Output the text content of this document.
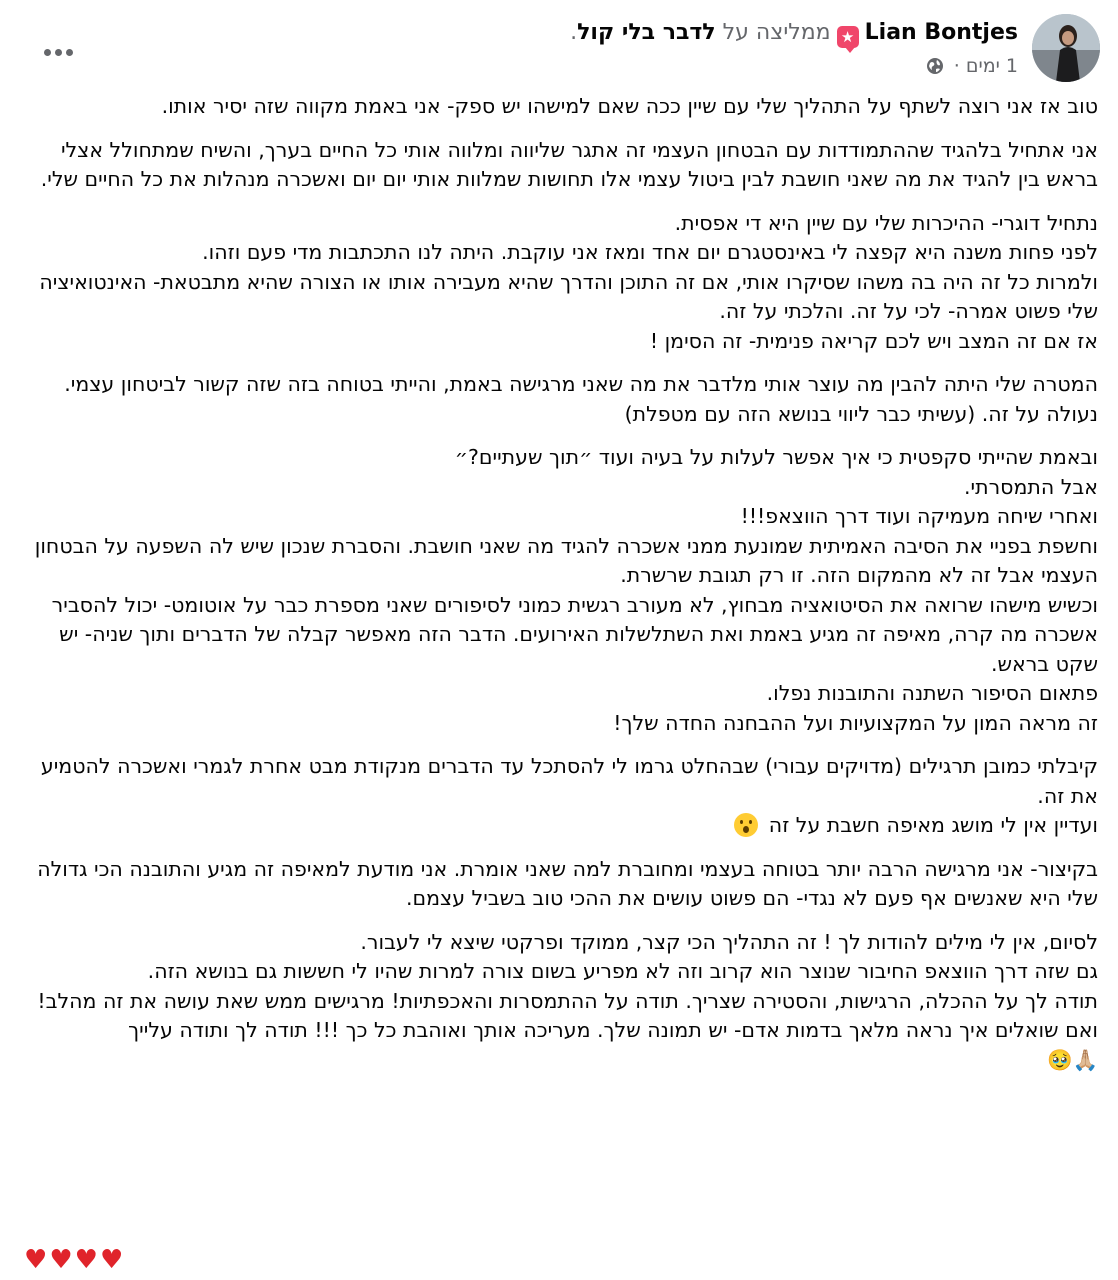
Lian Bontjes★ממליצה על לדבר בלי קול.
1 ימים ·

טוב אז אני רוצה לשתף על התהליך שלי עם שיין ככה שאם למישהו יש ספק- אני באמת מקווה שזה יסיר אותו.

אני אתחיל בלהגיד שההתמודדות עם הבטחון העצמי זה אתגר שליווה ומלווה אותי כל החיים בערך, והשיח שמתחולל אצלי בראש בין להגיד את מה שאני חושבת לבין ביטול עצמי אלו תחושות שמלוות אותי יום יום ואשכרה מנהלות את כל החיים שלי.

נתחיל דוגרי- ההיכרות שלי עם שיין היא די אפסית.
לפני פחות משנה היא קפצה לי באינסטגרם יום אחד ומאז אני עוקבת. היתה לנו התכתבות מדי פעם וזהו.
ולמרות כל זה היה בה משהו שסיקרו אותי, אם זה התוכן והדרך שהיא מעבירה אותו או הצורה שהיא מתבטאת- האינטואיציה שלי פשוט אמרה- לכי על זה. והלכתי על זה.
אז אם זה המצב ויש לכם קריאה פנימית- זה הסימן !

המטרה שלי היתה להבין מה עוצר אותי מלדבר את מה שאני מרגישה באמת, והייתי בטוחה בזה שזה קשור לביטחון עצמי. נעולה על זה. (עשיתי כבר ליווי בנושא הזה עם מטפלת)

ובאמת שהייתי סקפטית כי איך אפשר לעלות על בעיה ועוד ״תוך שעתיים?״
אבל התמסרתי.
ואחרי שיחה מעמיקה ועוד דרך הווצאפ!!!
וחשפת בפניי את הסיבה האמיתית שמונעת ממני אשכרה להגיד מה שאני חושבת. והסברת שנכון שיש לה השפעה על הבטחון העצמי אבל זה לא מהמקום הזה. זו רק תגובת שרשרת.
וכשיש מישהו שרואה את הסיטואציה מבחוץ, לא מעורב רגשית כמוני לסיפורים שאני מספרת כבר על אוטומט- יכול להסביר אשכרה מה קרה, מאיפה זה מגיע באמת ואת השתלשלות האירועים. הדבר הזה מאפשר קבלה של הדברים ותוך שניה- יש שקט בראש.
פתאום הסיפור השתנה והתובנות נפלו.
זה מראה המון על המקצועיות ועל ההבחנה החדה שלך!

קיבלתי כמובן תרגילים (מדויקים עבורי) שבהחלט גרמו לי להסתכל עד הדברים מנקודת מבט אחרת לגמרי ואשכרה להטמיע את זה.
ועדיין אין לי מושג מאיפה חשבת על זה

בקיצור- אני מרגישה הרבה יותר בטוחה בעצמי ומחוברת למה שאני אומרת. אני מודעת למאיפה זה מגיע והתובנה הכי גדולה שלי היא שאנשים אף פעם לא נגדי- הם פשוט עושים את ההכי טוב בשביל עצמם.

לסיום, אין לי מילים להודות לך ! זה התהליך הכי קצר, ממוקד ופרקטי שיצא לי לעבור.
גם שזה דרך הווצאפ החיבור שנוצר הוא קרוב וזה לא מפריע בשום צורה למרות שהיו לי חששות גם בנושא הזה.
תודה לך על ההכלה, הרגישות, והסטירה שצריך. תודה על ההתמסרות והאכפתיות! מרגישים ממש שאת עושה את זה מהלב!
ואם שואלים איך נראה מלאך בדמות אדם- יש תמונה שלך. מעריכה אותך ואוהבת כל כך !!! תודה לך ותודה עלייך
🙏🏼🥹

♥♥♥♥
